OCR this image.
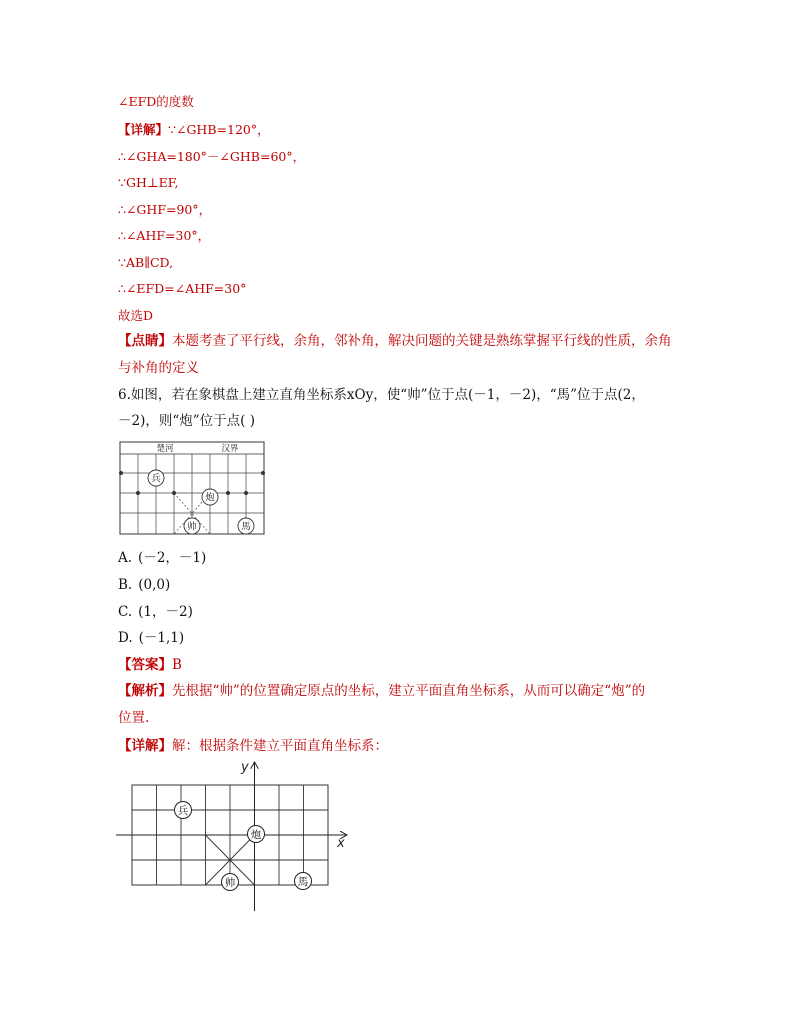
∠EFD的度数
【详解】∵∠GHB=120°，
∴∠GHA=180°－∠GHB=60°，
∵GH⊥EF,
∴∠GHF=90°，
∴∠AHF=30°，
∵AB∥CD,
∴∠EFD=∠AHF=30°
故选D
【点睛】本题考查了平行线，余角，邻补角，解决问题的关键是熟练掌握平行线的性质，余角
与补角的定义
6.如图，若在象棋盘上建立直角坐标系xOy，使“帅”位于点(－1，－2)，“馬”位于点(2，
－2)，则“炮”位于点( )
楚河	汉界
兵
炮
帅	馬
A. (－2，－1)
B. (0,0)
C. (1，－2)
D. (－1,1)
【答案】B
【解析】先根据“帅”的位置确定原点的坐标，建立平面直角坐标系，从而可以确定“炮”的
位置.
【详解】解：根据条件建立平面直角坐标系：
x
y
兵
炮
帅	馬
